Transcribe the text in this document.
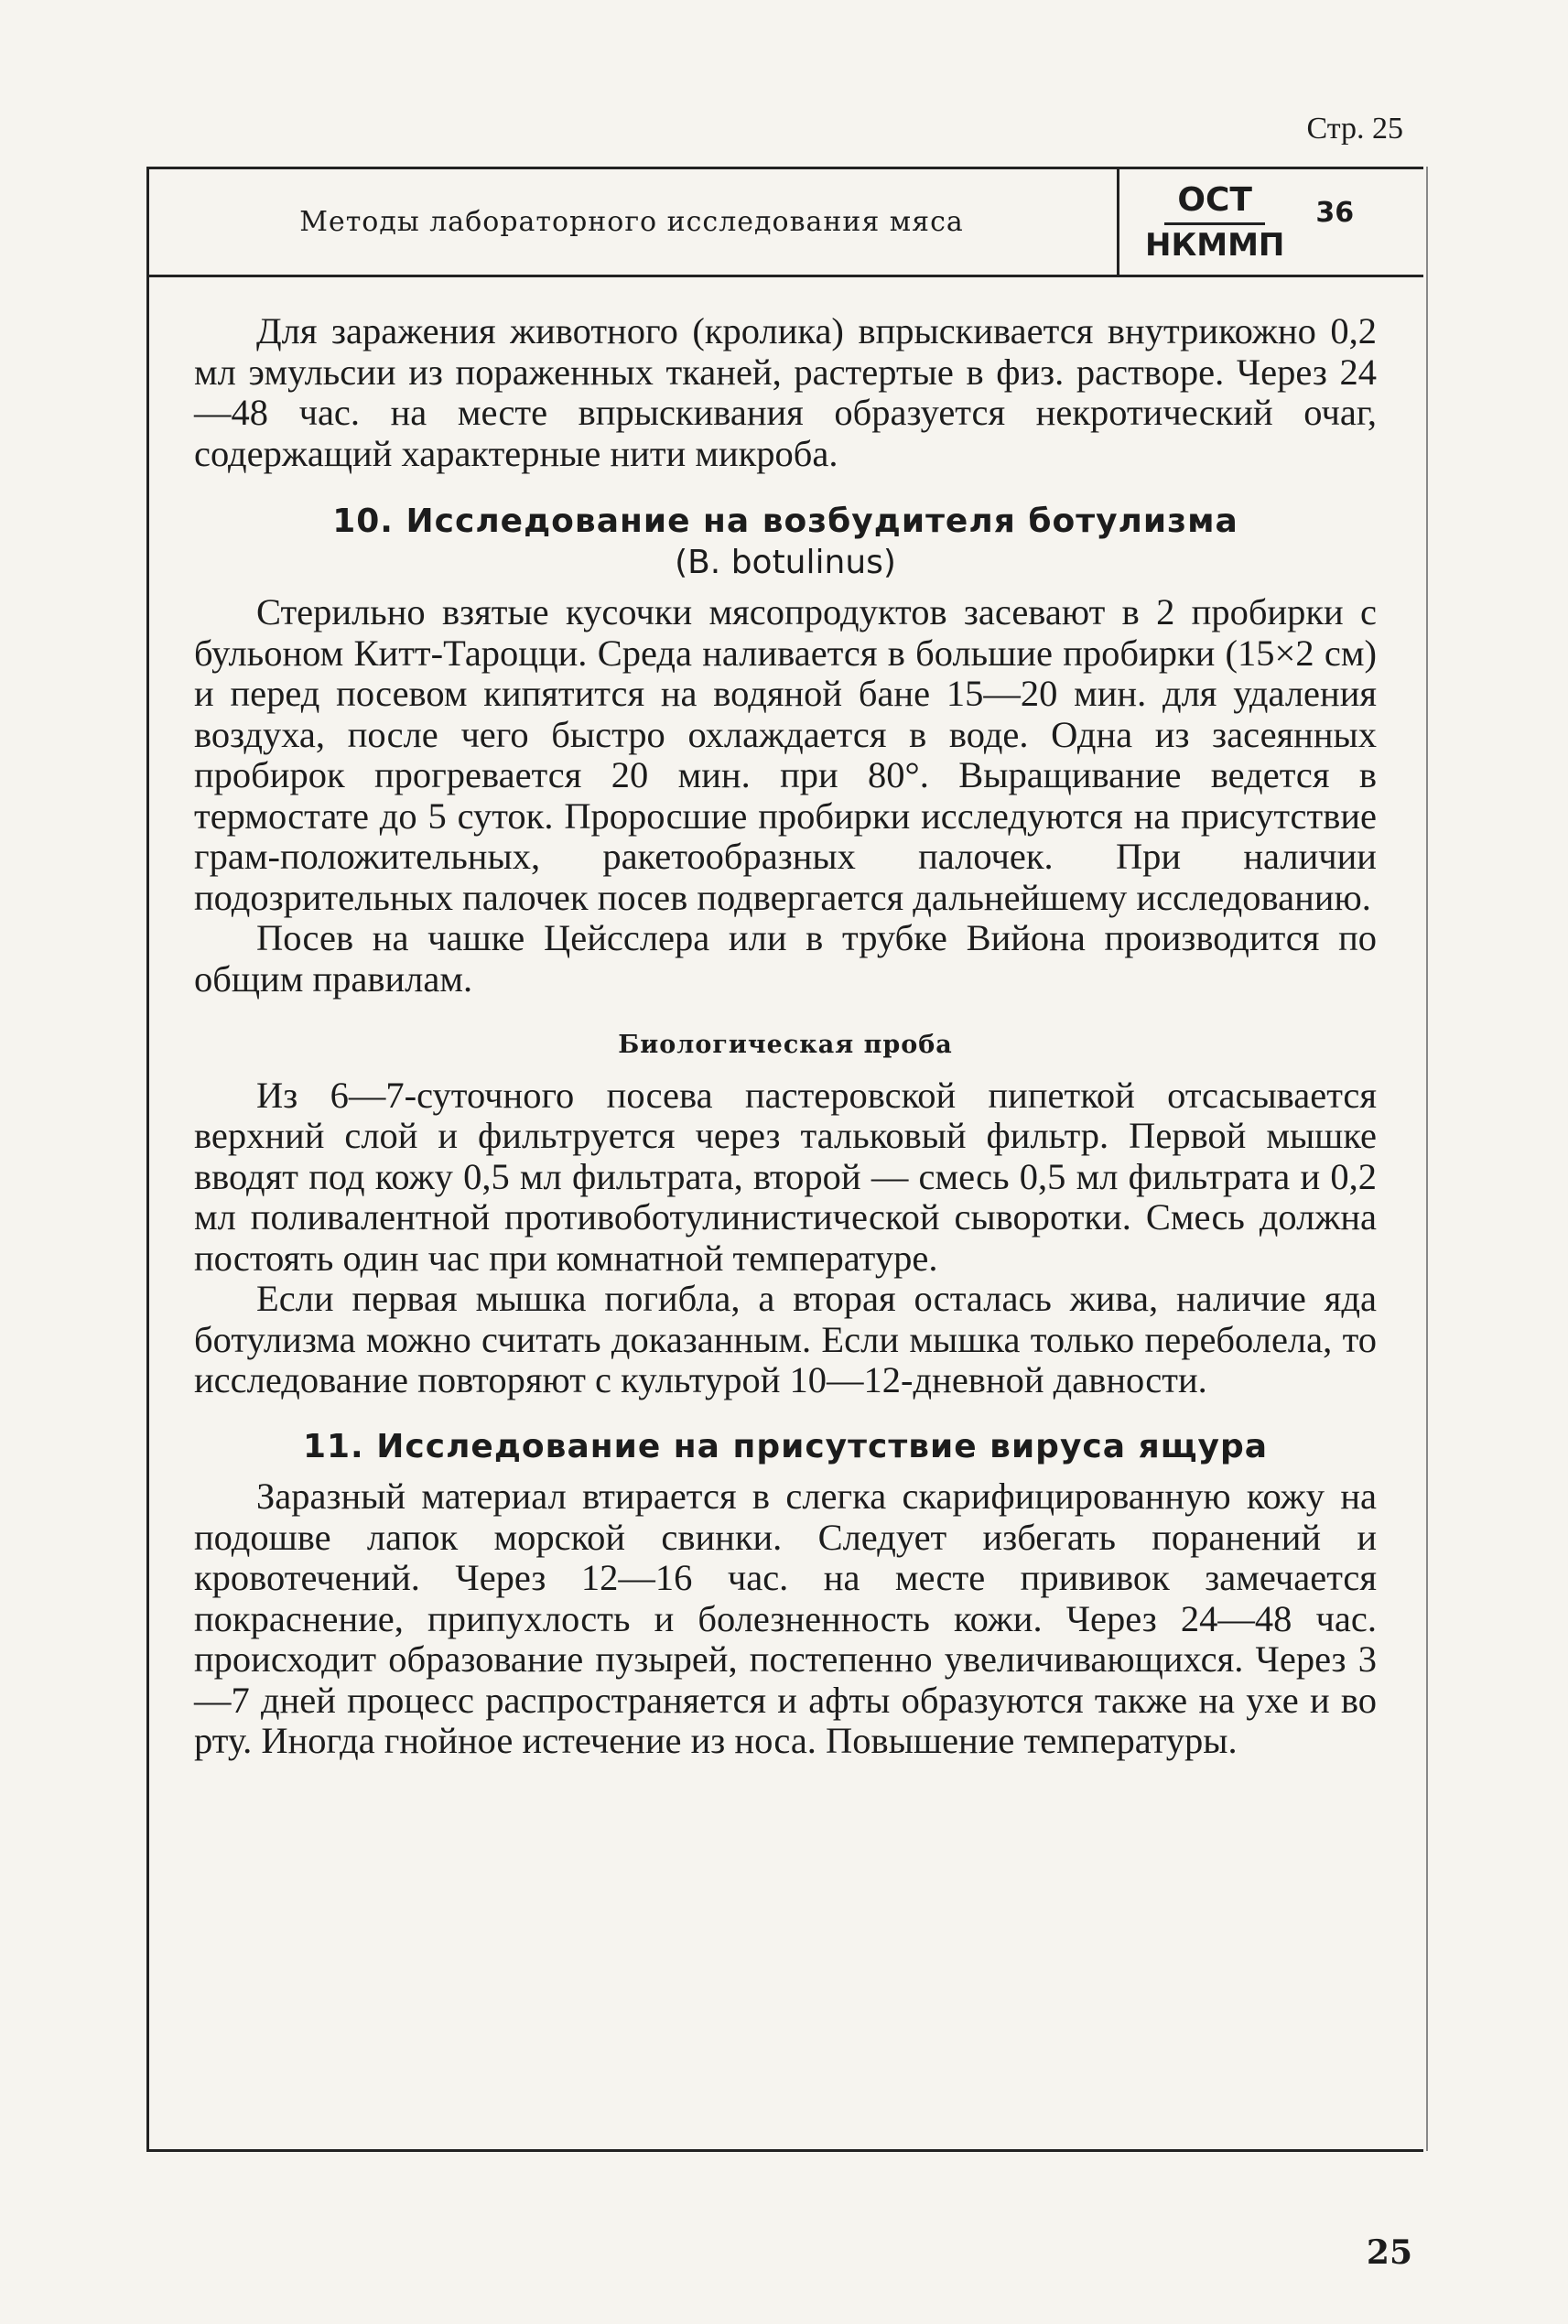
Стр. 25
Методы лабораторного исследования мяса	$\frac{\text{ОСТ}}{\text{НКММП}} 36$

Для заражения животного (кролика) впрыскивается внутрикожно 0,2 мл эмульсии из пораженных тканей, растертые в физ. растворе. Через 24—48 час. на месте впрыскивания образуется некротический очаг, содержащий характерные нити микроба.

10. Исследование на возбудителя ботулизма
(B. botulinus)

Стерильно взятые кусочки мясопродуктов засевают в 2 пробирки с бульоном Китт-Тароцци. Среда наливается в большие пробирки (15×2 см) и перед посевом кипятится на водяной бане 15—20 мин. для удаления воздуха, после чего быстро охлаждается в воде. Одна из засеянных пробирок прогревается 20 мин. при 80°. Выращивание ведется в термостате до 5 суток. Проросшие пробирки исследуются на присутствие грам-положительных, ракетообразных палочек. При наличии подозрительных палочек посев подвергается дальнейшему исследованию.

Посев на чашке Цейсслера или в трубке Вийона производится по общим правилам.

Биологическая проба

Из 6—7-суточного посева пастеровской пипеткой отсасывается верхний слой и фильтруется через тальковый фильтр. Первой мышке вводят под кожу 0,5 мл фильтрата, второй — смесь 0,5 мл фильтрата и 0,2 мл поливалентной противоботулинистической сыворотки. Смесь должна постоять один час при комнатной температуре.

Если первая мышка погибла, а вторая осталась жива, наличие яда ботулизма можно считать доказанным. Если мышка только переболела, то исследование повторяют с культурой 10—12-дневной давности.

11. Исследование на присутствие вируса ящура

Заразный материал втирается в слегка скарифицированную кожу на подошве лапок морской свинки. Следует избегать поранений и кровотечений. Через 12—16 час. на месте прививок замечается покраснение, припухлость и болезненность кожи. Через 24—48 час. происходит образование пузырей, постепенно увеличивающихся. Через 3—7 дней процесс распространяется и афты образуются также на ухе и во рту. Иногда гнойное истечение из носа. Повышение температуры.

25
